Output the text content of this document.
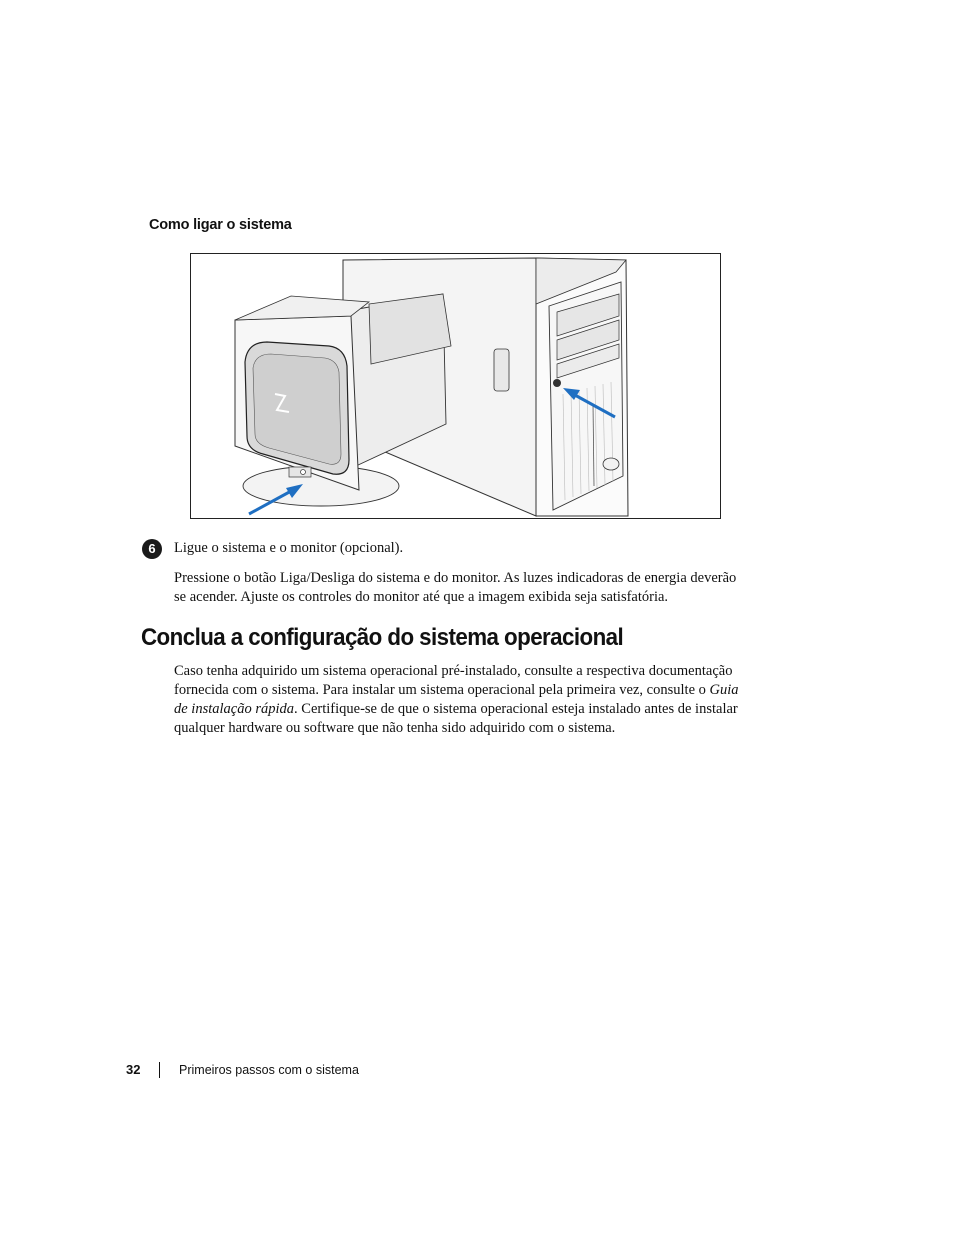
Como ligar o sistema
6	Ligue o sistema e o monitor (opcional).

Pressione o botão Liga/Desliga do sistema e do monitor. As luzes indicadoras de energia deverão
se acender. Ajuste os controles do monitor até que a imagem exibida seja satisfatória.

Conclua a configuração do sistema operacional

Caso tenha adquirido um sistema operacional pré-instalado, consulte a respectiva documentação
fornecida com o sistema. Para instalar um sistema operacional pela primeira vez, consulte o Guia
de instalação rápida. Certifique-se de que o sistema operacional esteja instalado antes de instalar
qualquer hardware ou software que não tenha sido adquirido com o sistema.

32	Primeiros passos com o sistema
